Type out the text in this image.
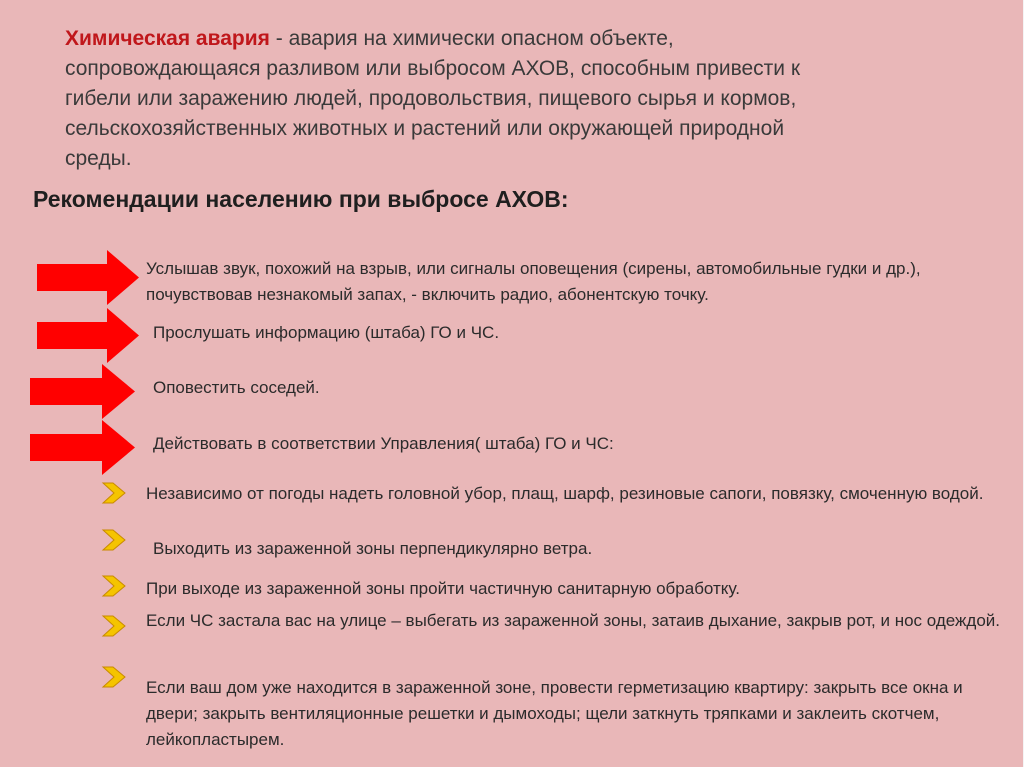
Химическая авария - авария на химически опасном объекте, сопровождающаяся разливом или выбросом АХОВ, способным привести к гибели или заражению людей, продовольствия, пищевого сырья и кормов, сельскохозяйственных животных и растений или окружающей природной среды.
Рекомендации населению при выбросе АХОВ:
Услышав звук, похожий на взрыв, или сигналы оповещения (сирены, автомобильные гудки и др.), почувствовав незнакомый запах, - включить радио, абонентскую точку.
Прослушать информацию (штаба) ГО и ЧС.
Оповестить соседей.
Действовать в соответствии Управления( штаба) ГО и ЧС:
Независимо от погоды надеть головной убор, плащ, шарф, резиновые сапоги, повязку, смоченную водой.
Выходить из зараженной зоны перпендикулярно ветра.
При выходе из зараженной зоны пройти частичную санитарную обработку.
Если ЧС застала вас на улице – выбегать из зараженной зоны, затаив дыхание, закрыв рот, и нос одеждой.
Если ваш дом уже находится в зараженной зоне, провести герметизацию квартиру: закрыть все окна и двери; закрыть вентиляционные решетки и дымоходы; щели заткнуть тряпками и заклеить скотчем, лейкопластырем.
